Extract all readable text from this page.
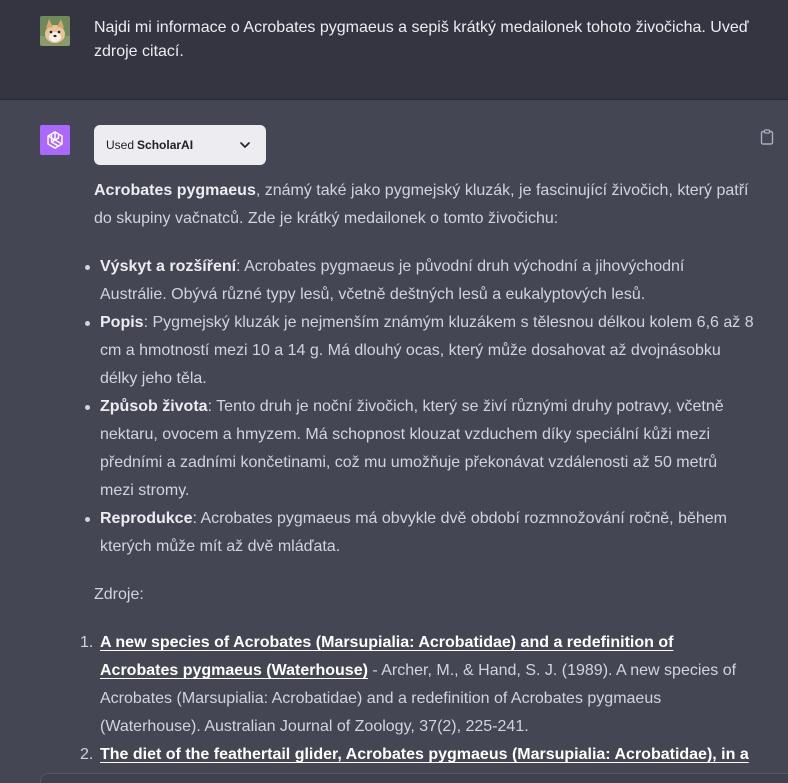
Najdi mi informace o Acrobates pygmaeus a sepiš krátký medailonek tohoto živočicha. Uveď zdroje citací.
Used ScholarAI

Acrobates pygmaeus, známý také jako pygmejský kluzák, je fascinující živočich, který patří do skupiny vačnatců. Zde je krátký medailonek o tomto živočichu:

Výskyt a rozšíření: Acrobates pygmaeus je původní druh východní a jihovýchodní Austrálie. Obývá různé typy lesů, včetně deštných lesů a eukalyptových lesů.
Popis: Pygmejský kluzák je nejmenším známým kluzákem s tělesnou délkou kolem 6,6 až 8 cm a hmotností mezi 10 a 14 g. Má dlouhý ocas, který může dosahovat až dvojnásobku délky jeho těla.
Způsob života: Tento druh je noční živočich, který se živí různými druhy potravy, včetně nektaru, ovocem a hmyzem. Má schopnost klouzat vzduchem díky speciální kůži mezi předními a zadními končetinami, což mu umožňuje překonávat vzdálenosti až 50 metrů mezi stromy.
Reprodukce: Acrobates pygmaeus má obvykle dvě období rozmnožování ročně, během kterých může mít až dvě mláďata.

Zdroje:

1. A new species of Acrobates (Marsupialia: Acrobatidae) and a redefinition of Acrobates pygmaeus (Waterhouse) - Archer, M., & Hand, S. J. (1989). A new species of Acrobates (Marsupialia: Acrobatidae) and a redefinition of Acrobates pygmaeus (Waterhouse). Australian Journal of Zoology, 37(2), 225-241.
2. The diet of the feathertail glider, Acrobates pygmaeus (Marsupialia: Acrobatidae), in a
